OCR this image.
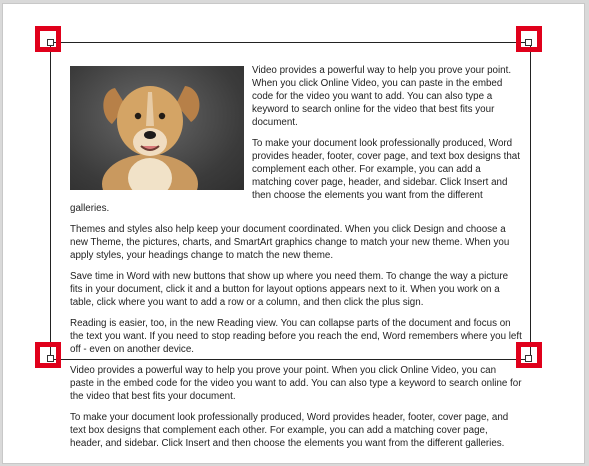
Video provides a powerful way to help you prove your point. When you click Online Video, you can paste in the embed code for the video you want to add. You can also type a keyword to search online for the video that best fits your document.

To make your document look professionally produced, Word provides header, footer, cover page, and text box designs that complement each other. For example, you can add a matching cover page, header, and sidebar. Click Insert and then choose the elements you want from the different galleries.

Themes and styles also help keep your document coordinated. When you click Design and choose a new Theme, the pictures, charts, and SmartArt graphics change to match your new theme. When you apply styles, your headings change to match the new theme.

Save time in Word with new buttons that show up where you need them. To change the way a picture fits in your document, click it and a button for layout options appears next to it. When you work on a table, click where you want to add a row or a column, and then click the plus sign.

Reading is easier, too, in the new Reading view. You can collapse parts of the document and focus on the text you want. If you need to stop reading before you reach the end, Word remembers where you left off - even on another device.

Video provides a powerful way to help you prove your point. When you click Online Video, you can paste in the embed code for the video you want to add. You can also type a keyword to search online for the video that best fits your document.

To make your document look professionally produced, Word provides header, footer, cover page, and text box designs that complement each other. For example, you can add a matching cover page, header, and sidebar. Click Insert and then choose the elements you want from the different galleries.
